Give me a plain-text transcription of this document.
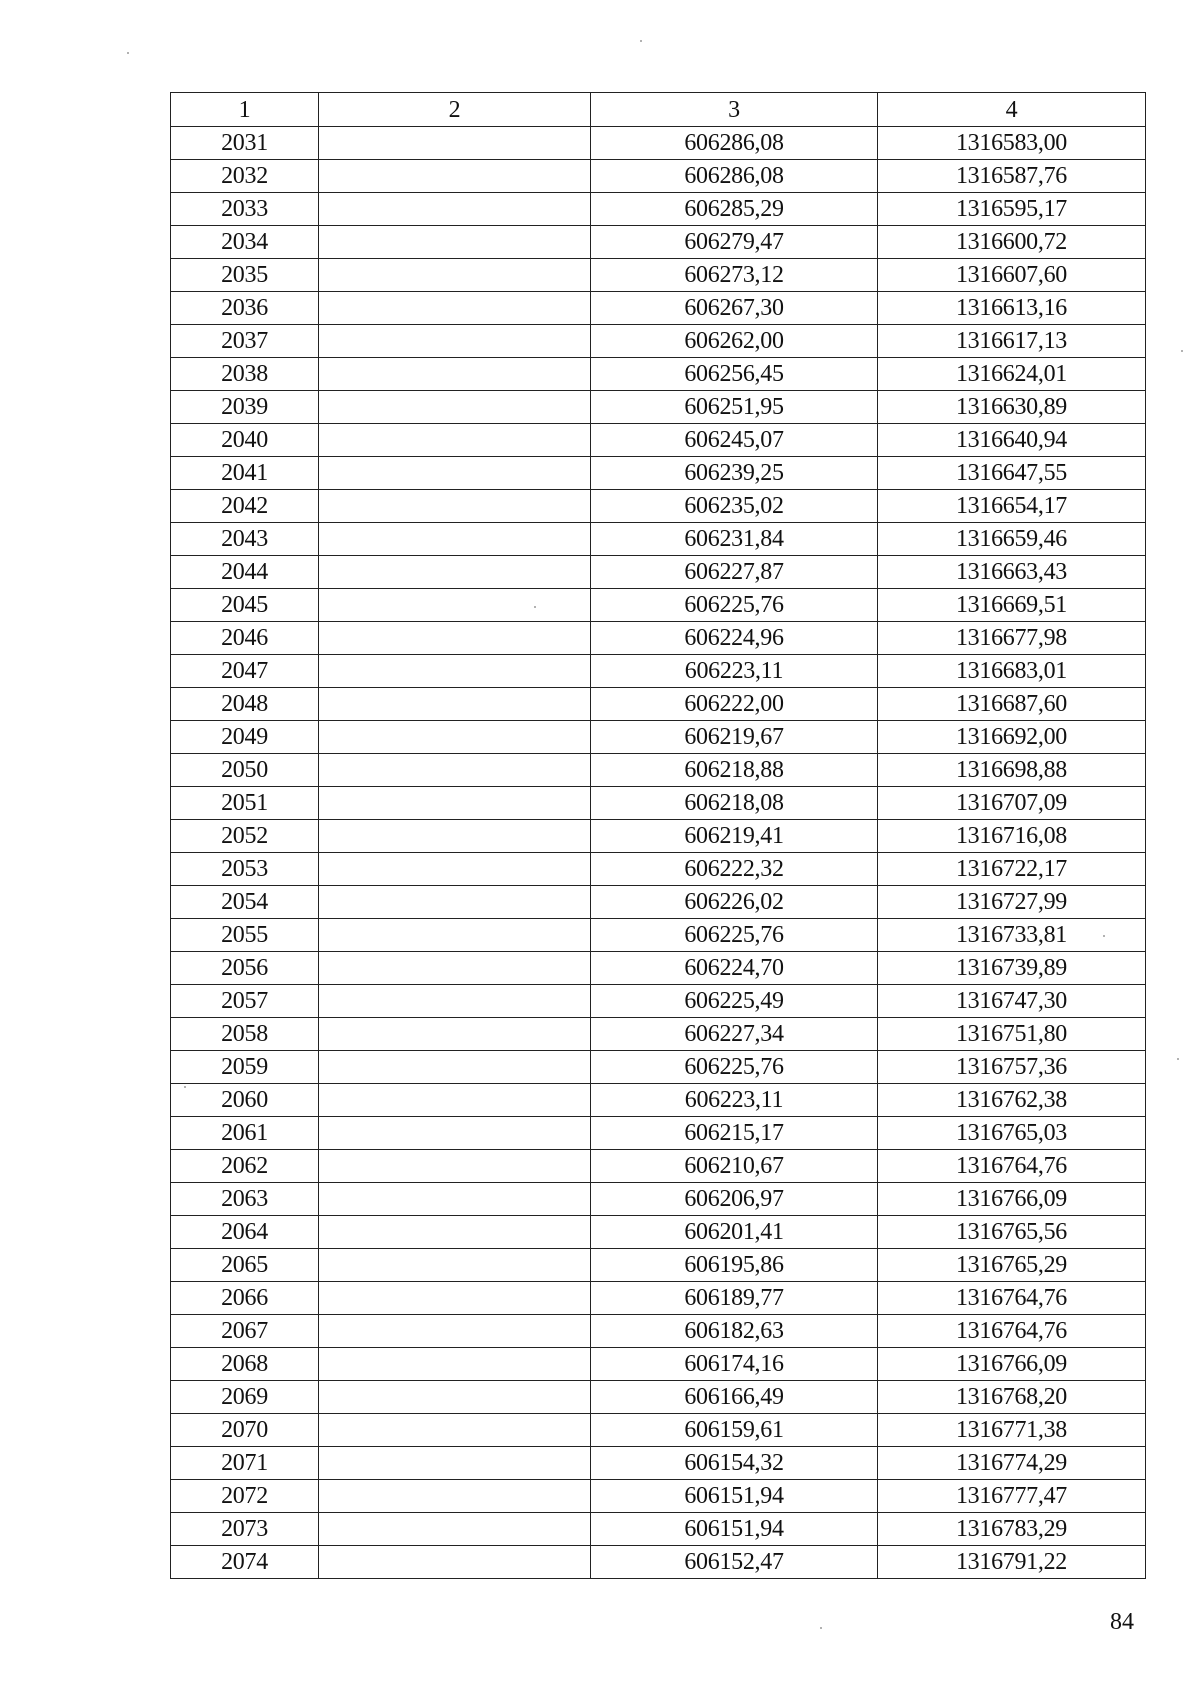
1	2	3	4
2031		606286,08	1316583,00
2032		606286,08	1316587,76
2033		606285,29	1316595,17
2034		606279,47	1316600,72
2035		606273,12	1316607,60
2036		606267,30	1316613,16
2037		606262,00	1316617,13
2038		606256,45	1316624,01
2039		606251,95	1316630,89
2040		606245,07	1316640,94
2041		606239,25	1316647,55
2042		606235,02	1316654,17
2043		606231,84	1316659,46
2044		606227,87	1316663,43
2045		606225,76	1316669,51
2046		606224,96	1316677,98
2047		606223,11	1316683,01
2048		606222,00	1316687,60
2049		606219,67	1316692,00
2050		606218,88	1316698,88
2051		606218,08	1316707,09
2052		606219,41	1316716,08
2053		606222,32	1316722,17
2054		606226,02	1316727,99
2055		606225,76	1316733,81
2056		606224,70	1316739,89
2057		606225,49	1316747,30
2058		606227,34	1316751,80
2059		606225,76	1316757,36
2060		606223,11	1316762,38
2061		606215,17	1316765,03
2062		606210,67	1316764,76
2063		606206,97	1316766,09
2064		606201,41	1316765,56
2065		606195,86	1316765,29
2066		606189,77	1316764,76
2067		606182,63	1316764,76
2068		606174,16	1316766,09
2069		606166,49	1316768,20
2070		606159,61	1316771,38
2071		606154,32	1316774,29
2072		606151,94	1316777,47
2073		606151,94	1316783,29
2074		606152,47	1316791,22
84
